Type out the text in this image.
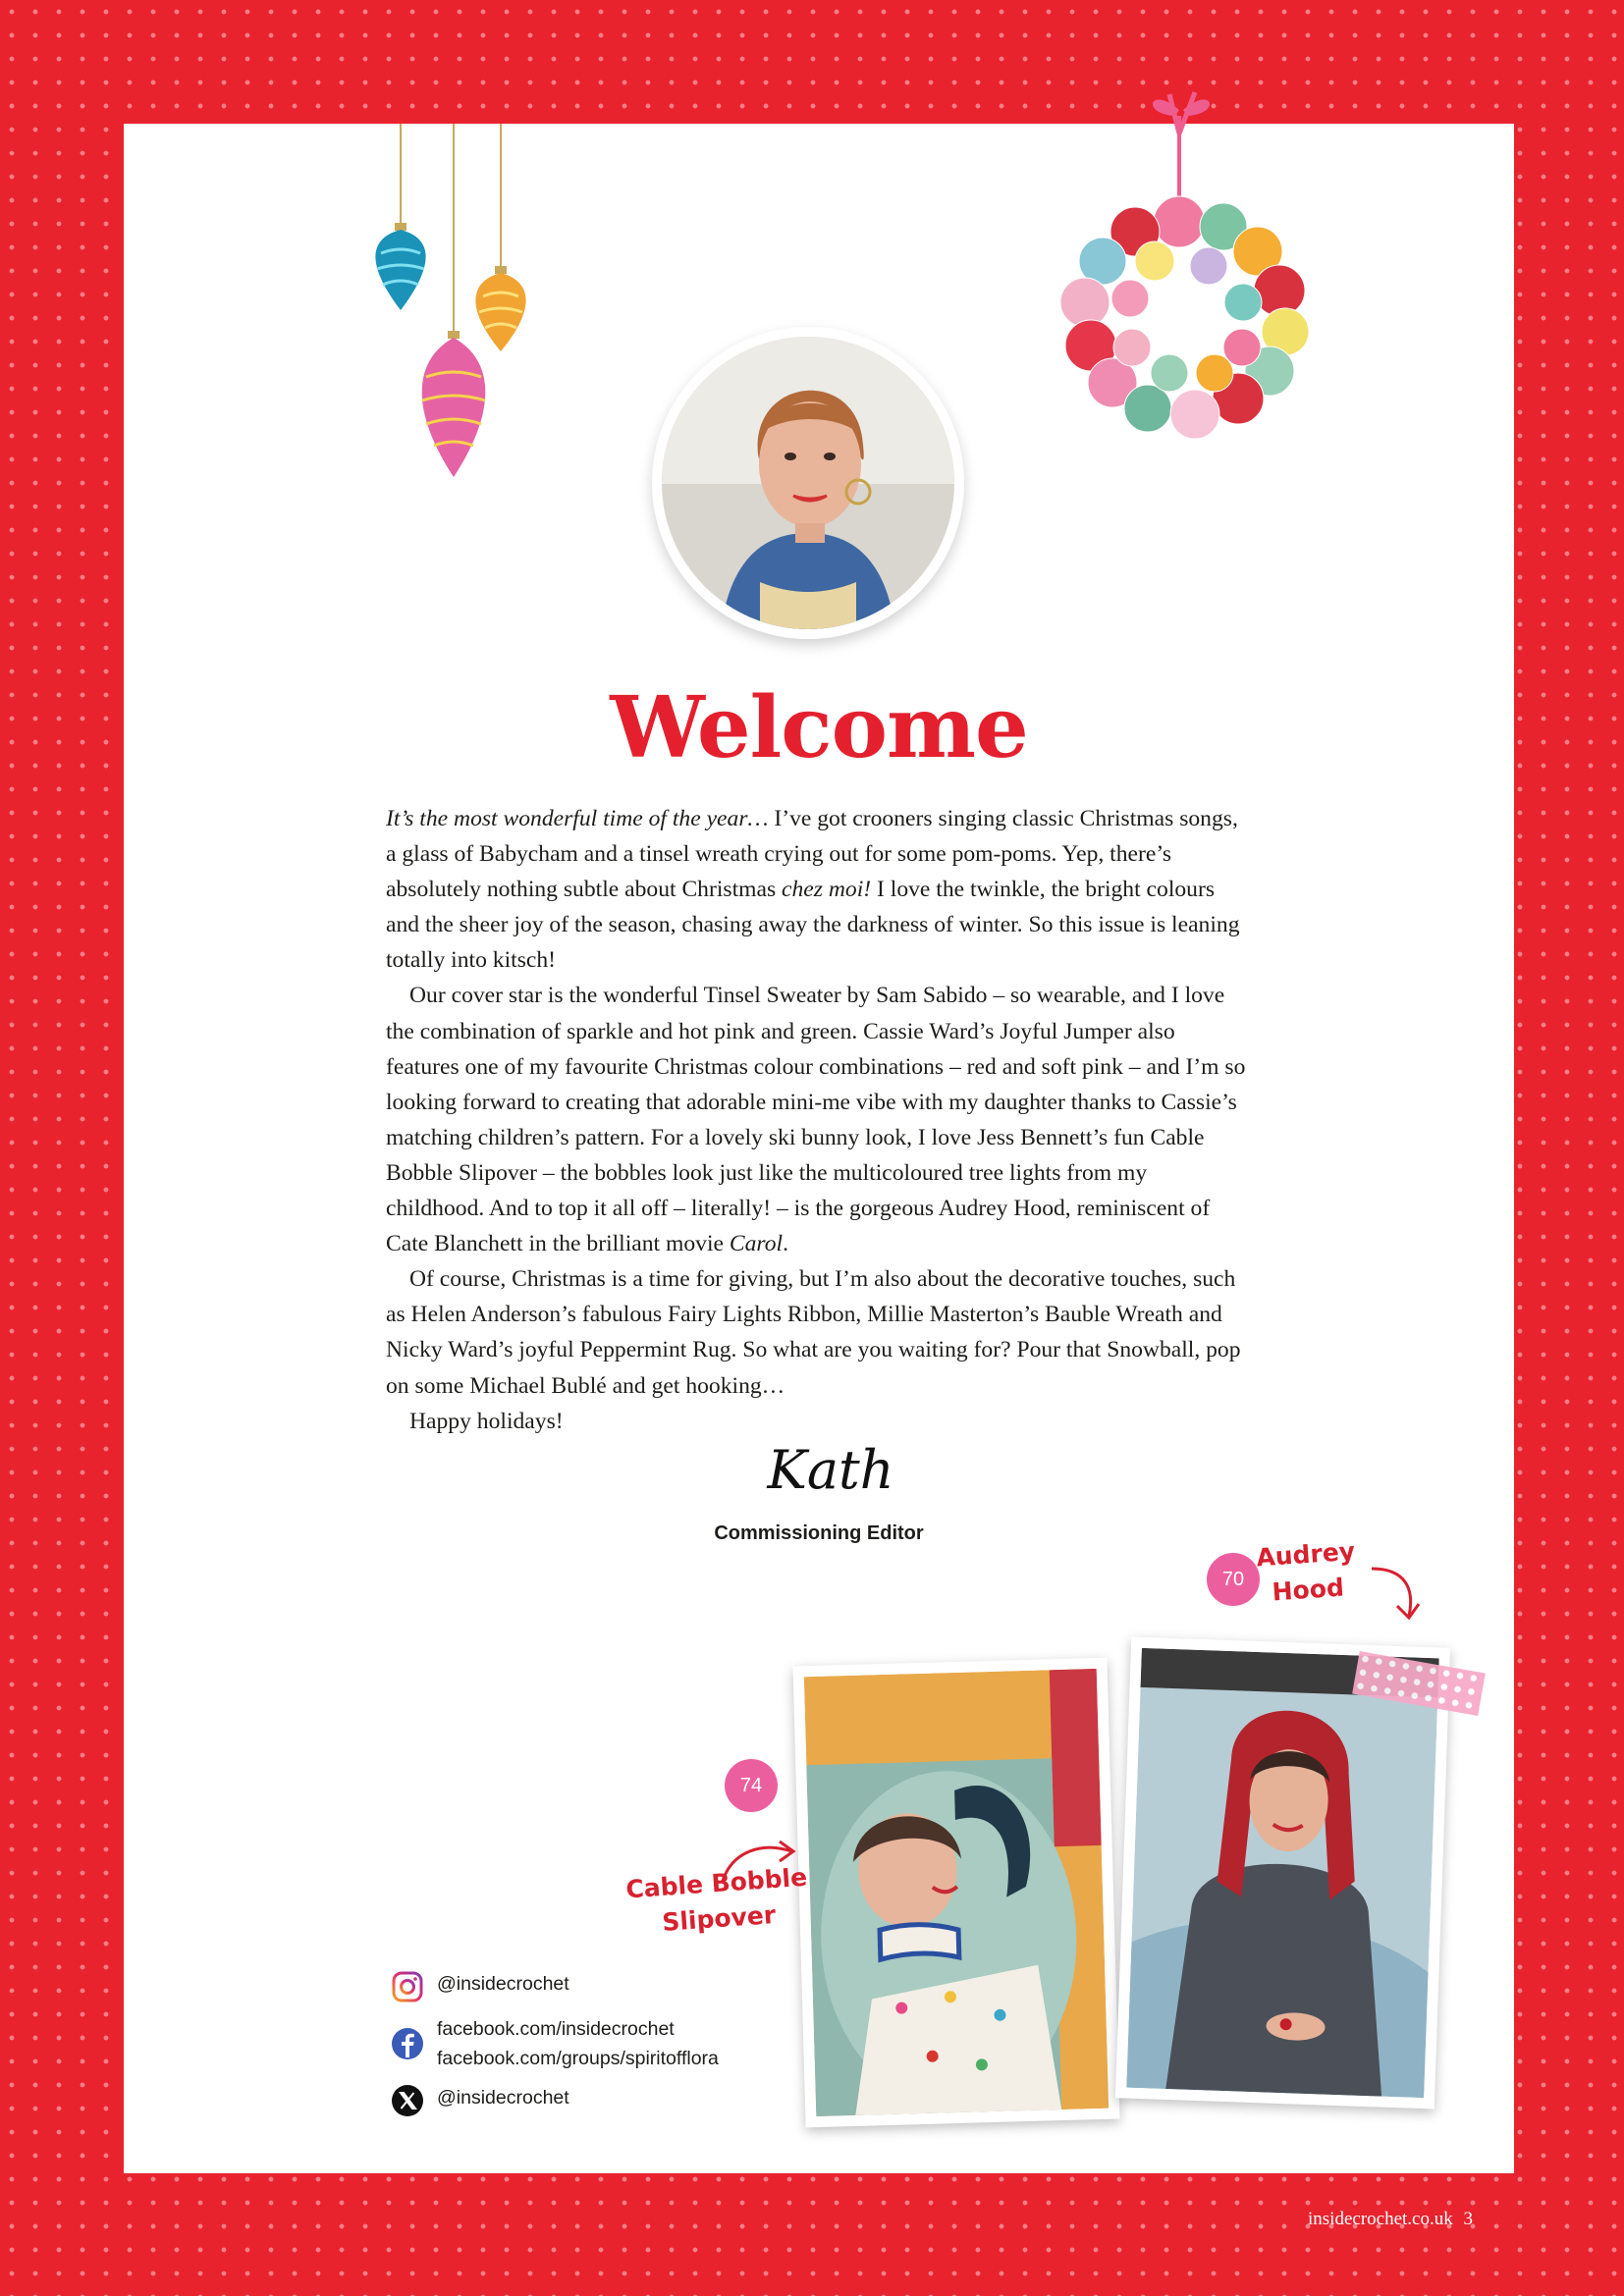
Welcome

It’s the most wonderful time of the year… I’ve got crooners singing classic Christmas songs, a glass of Babycham and a tinsel wreath crying out for some pom-poms. Yep, there’s absolutely nothing subtle about Christmas chez moi! I love the twinkle, the bright colours and the sheer joy of the season, chasing away the darkness of winter. So this issue is leaning totally into kitsch!

Our cover star is the wonderful Tinsel Sweater by Sam Sabido – so wearable, and I love the combination of sparkle and hot pink and green. Cassie Ward’s Joyful Jumper also features one of my favourite Christmas colour combinations – red and soft pink – and I’m so looking forward to creating that adorable mini-me vibe with my daughter thanks to Cassie’s matching children’s pattern. For a lovely ski bunny look, I love Jess Bennett’s fun Cable Bobble Slipover – the bobbles look just like the multicoloured tree lights from my childhood. And to top it all off – literally! – is the gorgeous Audrey Hood, reminiscent of Cate Blanchett in the brilliant movie Carol.

Of course, Christmas is a time for giving, but I’m also about the decorative touches, such as Helen Anderson’s fabulous Fairy Lights Ribbon, Millie Masterton’s Bauble Wreath and Nicky Ward’s joyful Peppermint Rug. So what are you waiting for? Pour that Snowball, pop on some Michael Bublé and get hooking…

Happy holidays!

Kath
Commissioning Editor
@insidecrochet
facebook.com/insidecrochet
facebook.com/groups/spiritofflora
@insidecrochet
74
Cable Bobble
Slipover
70
Audrey
Hood
insidecrochet.co.uk 3
